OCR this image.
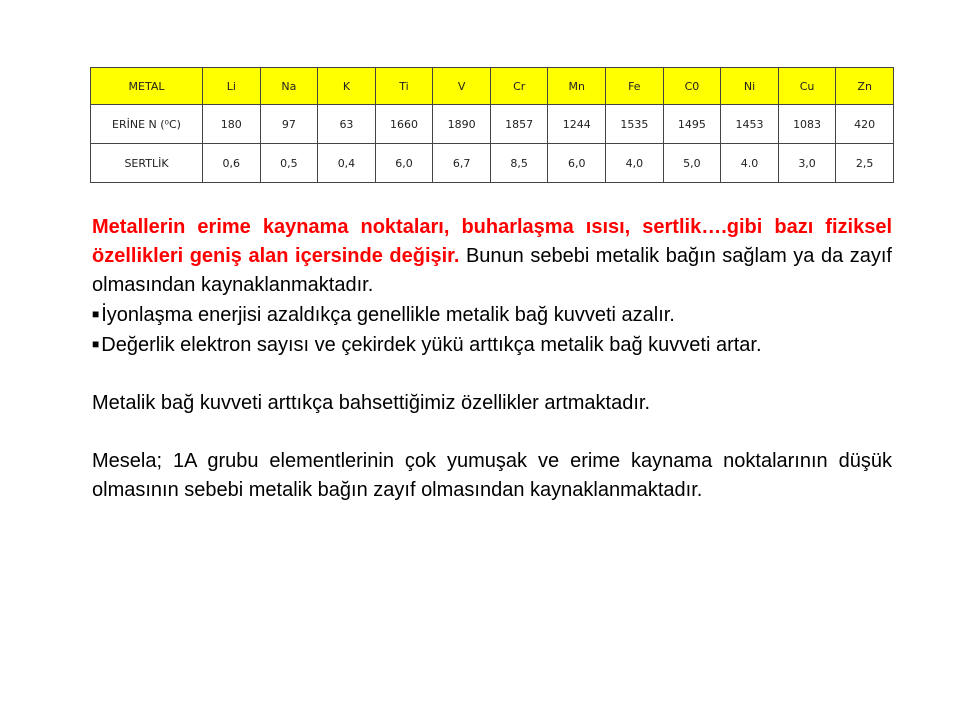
METAL	Li	Na	K	Ti	V	Cr	Mn	Fe	C0	Ni	Cu	Zn
ERİNE N (⁰C)	180	97	63	1660	1890	1857	1244	1535	1495	1453	1083	420
SERTLİK	0,6	0,5	0,4	6,0	6,7	8,5	6,0	4,0	5,0	4.0	3,0	2,5

Metallerin erime kaynama noktaları, buharlaşma ısısı, sertlik….gibi bazı fiziksel özellikleri geniş alan içersinde değişir. Bunun sebebi metalik bağın sağlam ya da zayıf olmasından kaynaklanmaktadır.

■ İyonlaşma enerjisi azaldıkça genellikle metalik bağ kuvveti azalır.

■ Değerlik elektron sayısı ve çekirdek yükü arttıkça metalik bağ kuvveti artar.

Metalik bağ kuvveti arttıkça bahsettiğimiz özellikler artmaktadır.

Mesela; 1A grubu elementlerinin çok yumuşak ve erime kaynama noktalarının düşük olmasının sebebi metalik bağın zayıf olmasından kaynaklanmaktadır.
